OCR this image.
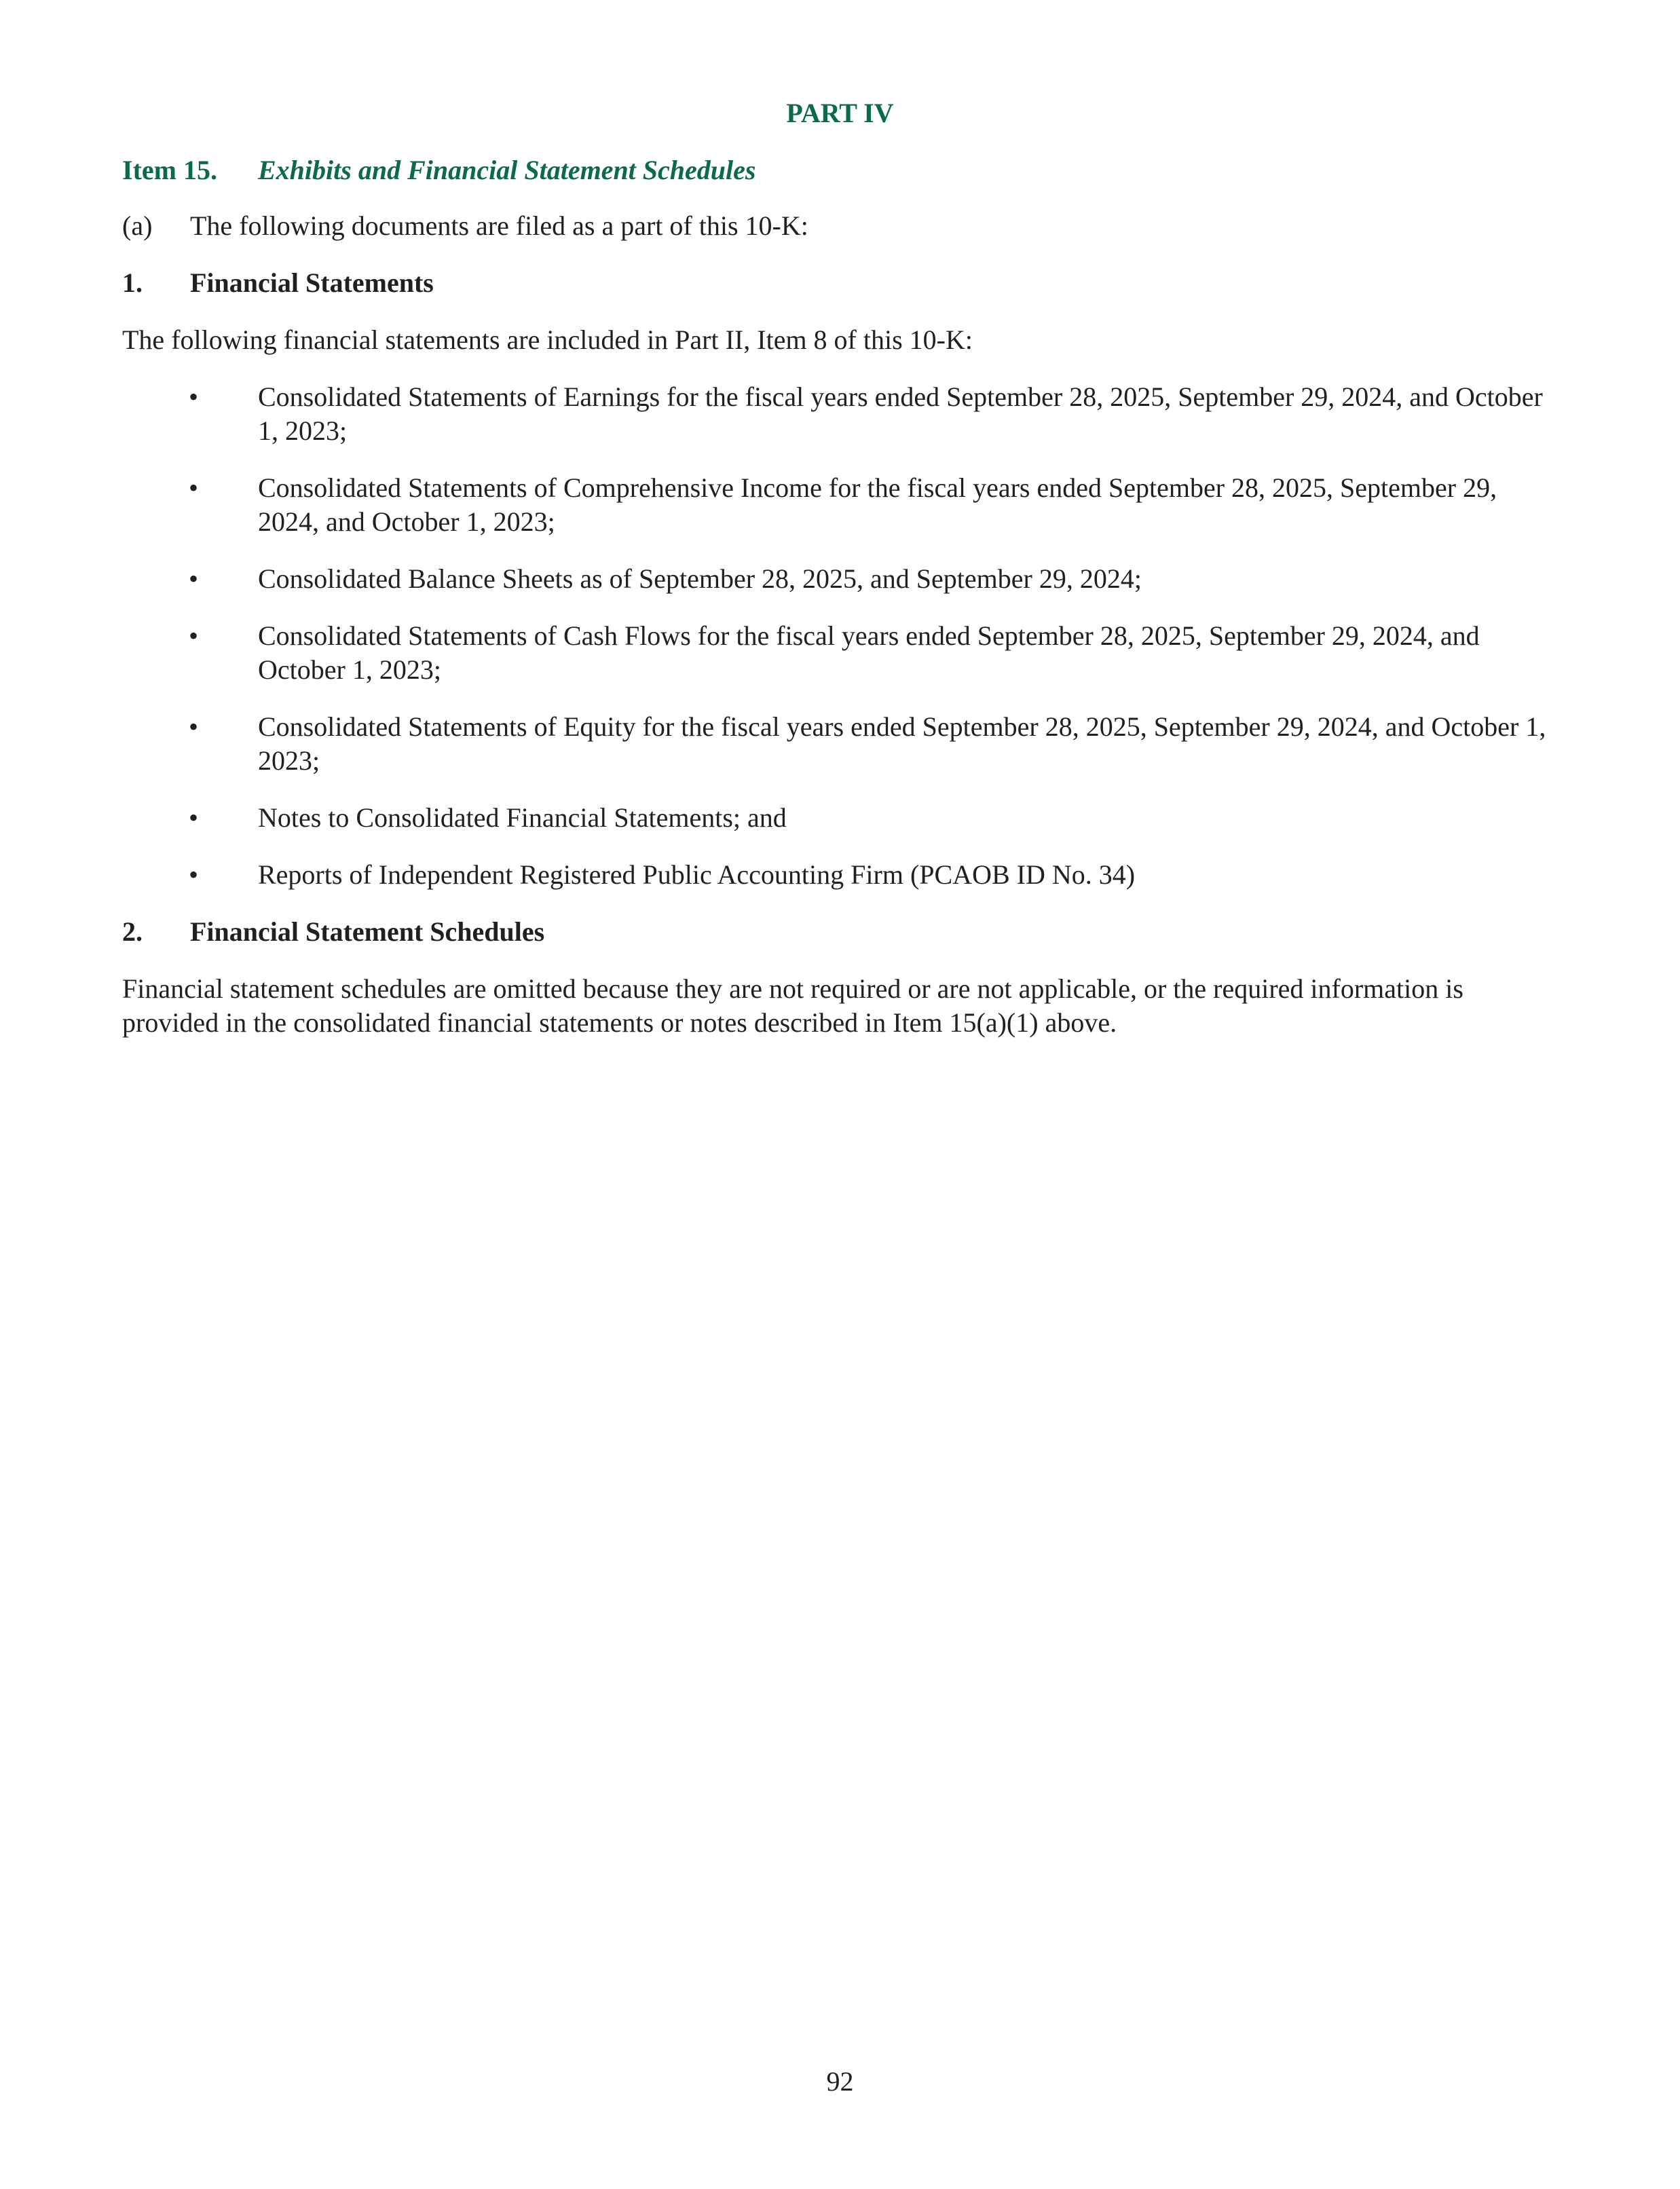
PART IV
Item 15. Exhibits and Financial Statement Schedules
(a) The following documents are filed as a part of this 10-K:
1. Financial Statements
The following financial statements are included in Part II, Item 8 of this 10-K:
• Consolidated Statements of Earnings for the fiscal years ended September 28, 2025, September 29, 2024, and October 1, 2023;
• Consolidated Statements of Comprehensive Income for the fiscal years ended September 28, 2025, September 29, 2024, and October 1, 2023;
• Consolidated Balance Sheets as of September 28, 2025, and September 29, 2024;
• Consolidated Statements of Cash Flows for the fiscal years ended September 28, 2025, September 29, 2024, and October 1, 2023;
• Consolidated Statements of Equity for the fiscal years ended September 28, 2025, September 29, 2024, and October 1, 2023;
• Notes to Consolidated Financial Statements; and
• Reports of Independent Registered Public Accounting Firm (PCAOB ID No. 34)
2. Financial Statement Schedules
Financial statement schedules are omitted because they are not required or are not applicable, or the required information is provided in the consolidated financial statements or notes described in Item 15(a)(1) above.
92
